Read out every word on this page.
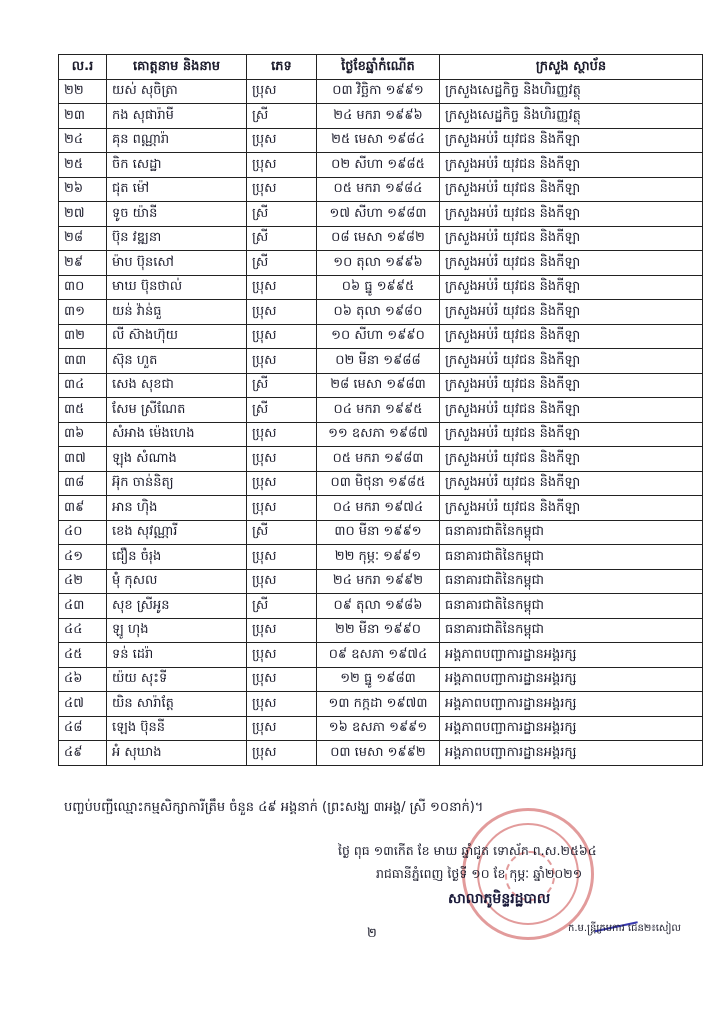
ល.រ	គោត្តនាម និងនាម	ភេទ	ថ្ងៃខែឆ្នាំកំណើត	ក្រសួង ស្ថាប័ន
២២	យស់ សុចិត្រា	ប្រុស	០៣ វិច្ឆិកា ១៩៩១	ក្រសួងសេដ្ឋកិច្ច និងហិរញ្ញវត្ថុ
២៣	កង សុផារ៉ាមី	ស្រី	២៤ មករា ១៩៩៦	ក្រសួងសេដ្ឋកិច្ច និងហិរញ្ញវត្ថុ
២៤	គុន ពណ្ណារ៉ា	ប្រុស	២៥ មេសា ១៩៨៤	ក្រសួងអប់រំ យុវជន និងកីឡា
២៥	ចិក សេដ្ឋា	ប្រុស	០២ សីហា ១៩៨៥	ក្រសួងអប់រំ យុវជន និងកីឡា
២៦	ជុត ម៉ៅ	ប្រុស	០៥ មករា ១៩៨៤	ក្រសួងអប់រំ យុវជន និងកីឡា
២៧	ទូច យ៉ានី	ស្រី	១៧ សីហា ១៩៨៣	ក្រសួងអប់រំ យុវជន និងកីឡា
២៨	ប៊ុន វឌ្ឍនា	ស្រី	០៨ មេសា ១៩៨២	ក្រសួងអប់រំ យុវជន និងកីឡា
២៩	ម៉ាប ប៊ុនសៅ	ស្រី	១០ តុលា ១៩៩៦	ក្រសួងអប់រំ យុវជន និងកីឡា
៣០	មាឃ ប៊ុនថាល់	ប្រុស	០៦ ធ្នូ ១៩៩៥	ក្រសួងអប់រំ យុវជន និងកីឡា
៣១	យន់ វ៉ាន់ធួ	ប្រុស	០៦ តុលា ១៩៨០	ក្រសួងអប់រំ យុវជន និងកីឡា
៣២	លី ស៊ាងហ៊ុយ	ប្រុស	១០ សីហា ១៩៩០	ក្រសួងអប់រំ យុវជន និងកីឡា
៣៣	ស៊ុន ហួត	ប្រុស	០២ មីនា ១៩៨៨	ក្រសួងអប់រំ យុវជន និងកីឡា
៣៤	សេង សុខជា	ស្រី	២៨ មេសា ១៩៨៣	ក្រសួងអប់រំ យុវជន និងកីឡា
៣៥	សែម ស្រីណែត	ស្រី	០៤ មករា ១៩៩៥	ក្រសួងអប់រំ យុវជន និងកីឡា
៣៦	សំអាង ម៉េងហេង	ប្រុស	១១ ឧសភា ១៩៨៧	ក្រសួងអប់រំ យុវជន និងកីឡា
៣៧	ឡុង សំណាង	ប្រុស	០៥ មករា ១៩៨៣	ក្រសួងអប់រំ យុវជន និងកីឡា
៣៨	អ៊ុក ចាន់និត្យ	ប្រុស	០៣ មិថុនា ១៩៨៥	ក្រសួងអប់រំ យុវជន និងកីឡា
៣៩	អាន ហ៊ិង	ប្រុស	០៤ មករា ១៩៧៤	ក្រសួងអប់រំ យុវជន និងកីឡា
៤០	ខេង សុវណ្ណារី	ស្រី	៣០ មីនា ១៩៩១	ធនាគារជាតិនៃកម្ពុជា
៤១	ជឿន ចំរុង	ប្រុស	២២ កុម្ភៈ ១៩៩១	ធនាគារជាតិនៃកម្ពុជា
៤២	ម៉ុំ កុសល	ប្រុស	២៤ មករា ១៩៩២	ធនាគារជាតិនៃកម្ពុជា
៤៣	សុខ ស្រីអូន	ស្រី	០៩ តុលា ១៩៨៦	ធនាគារជាតិនៃកម្ពុជា
៤៤	ឡូ ហុង	ប្រុស	២២ មីនា ១៩៩០	ធនាគារជាតិនៃកម្ពុជា
៤៥	ទន់ ដេរ៉ា	ប្រុស	០៩ ឧសភា ១៩៧៤	អង្គភាពបញ្ជាការដ្ឋានអង្គរក្ស
៤៦	យ៉យ សុះទី	ប្រុស	១២ ធ្នូ ១៩៨៣	អង្គភាពបញ្ជាការដ្ឋានអង្គរក្ស
៤៧	យិន សារ៉ាត្តែ	ប្រុស	១៣ កក្កដា ១៩៧៣	អង្គភាពបញ្ជាការដ្ឋានអង្គរក្ស
៤៨	ឡេង ប៊ុននី	ប្រុស	១៦ ឧសភា ១៩៩១	អង្គភាពបញ្ជាការដ្ឋានអង្គរក្ស
៤៩	អំ សុឃាង	ប្រុស	០៣ មេសា ១៩៩២	អង្គភាពបញ្ជាការដ្ឋានអង្គរក្ស
បញ្ចប់បញ្ជីឈ្មោះកម្មសិក្សាការីត្រឹម ចំនួន ៤៩ អង្គនាក់ (ព្រះសង្ឃ ៣អង្គ/ ស្រី ១០នាក់)។
ថ្ងៃ ពុធ ១៣កើត ខែ មាឃ ឆ្នាំជូត ទោស័ក ព.ស.២៥៦៤
រាជធានីភ្នំពេញ ថ្ងៃទី ១០ ខែ កុម្ភៈ ឆ្នាំ២០២១
សាលាភូមិន្ទរដ្ឋបាល
២	ក.ម.ន្ត្រីក្រមការ ជេន២៖សៀល
